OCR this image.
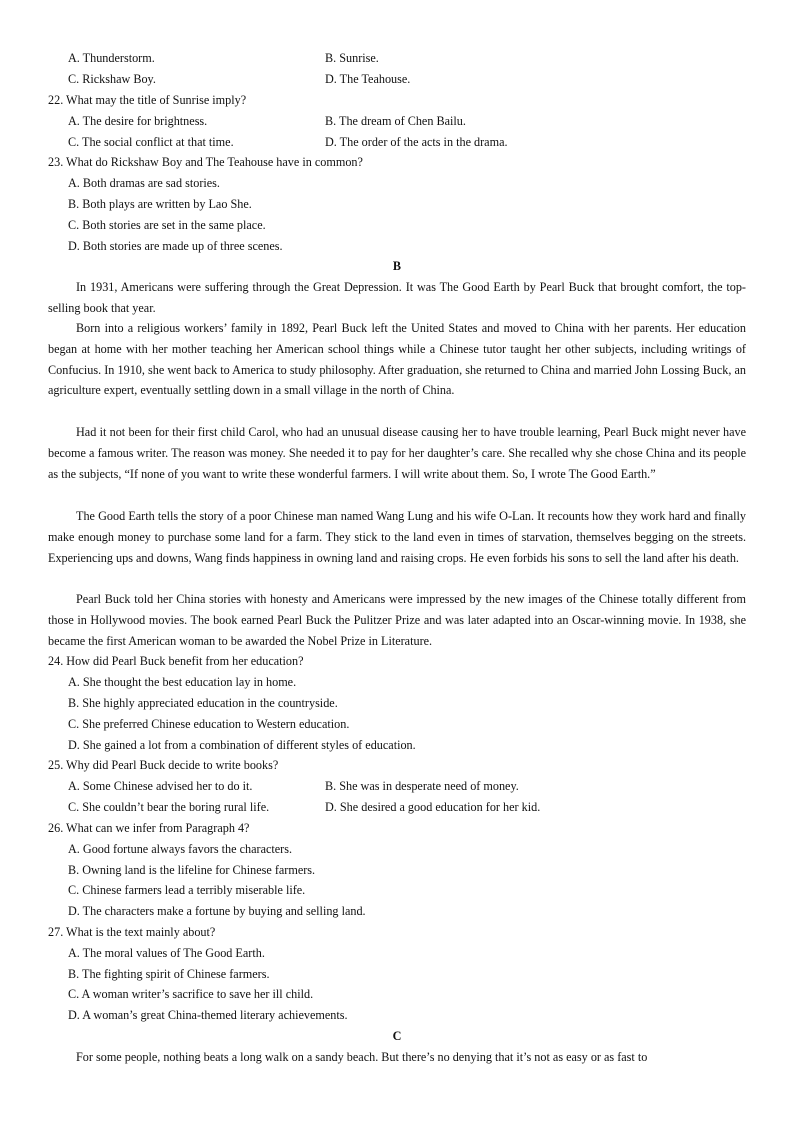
A. Thunderstorm.	B. Sunrise.
C. Rickshaw Boy.	D. The Teahouse.
22. What may the title of Sunrise imply?
A. The desire for brightness.	B. The dream of Chen Bailu.
C. The social conflict at that time.	D. The order of the acts in the drama.
23. What do Rickshaw Boy and The Teahouse have in common?
A. Both dramas are sad stories.
B. Both plays are written by Lao She.
C. Both stories are set in the same place.
D. Both stories are made up of three scenes.
B

In 1931, Americans were suffering through the Great Depression. It was The Good Earth by Pearl Buck that brought comfort, the top-selling book that year.

Born into a religious workers’ family in 1892, Pearl Buck left the United States and moved to China with her parents. Her education began at home with her mother teaching her American school things while a Chinese tutor taught her other subjects, including writings of Confucius. In 1910, she went back to America to study philosophy. After graduation, she returned to China and married John Lossing Buck, an agriculture expert, eventually settling down in a small village in the north of China.

Had it not been for their first child Carol, who had an unusual disease causing her to have trouble learning, Pearl Buck might never have become a famous writer. The reason was money. She needed it to pay for her daughter’s care. She recalled why she chose China and its people as the subjects, “If none of you want to write these wonderful farmers. I will write about them. So, I wrote The Good Earth.”

The Good Earth tells the story of a poor Chinese man named Wang Lung and his wife O-Lan. It recounts how they work hard and finally make enough money to purchase some land for a farm. They stick to the land even in times of starvation, themselves begging on the streets. Experiencing ups and downs, Wang finds happiness in owning land and raising crops. He even forbids his sons to sell the land after his death.

Pearl Buck told her China stories with honesty and Americans were impressed by the new images of the Chinese totally different from those in Hollywood movies. The book earned Pearl Buck the Pulitzer Prize and was later adapted into an Oscar-winning movie. In 1938, she became the first American woman to be awarded the Nobel Prize in Literature.

24. How did Pearl Buck benefit from her education?
A. She thought the best education lay in home.
B. She highly appreciated education in the countryside.
C. She preferred Chinese education to Western education.
D. She gained a lot from a combination of different styles of education.
25. Why did Pearl Buck decide to write books?
A. Some Chinese advised her to do it.	B. She was in desperate need of money.
C. She couldn’t bear the boring rural life.	D. She desired a good education for her kid.
26. What can we infer from Paragraph 4?
A. Good fortune always favors the characters.
B. Owning land is the lifeline for Chinese farmers.
C. Chinese farmers lead a terribly miserable life.
D. The characters make a fortune by buying and selling land.
27. What is the text mainly about?
A. The moral values of The Good Earth.
B. The fighting spirit of Chinese farmers.
C. A woman writer’s sacrifice to save her ill child.
D. A woman’s great China-themed literary achievements.
C

For some people, nothing beats a long walk on a sandy beach. But there’s no denying that it’s not as easy or as fast to
